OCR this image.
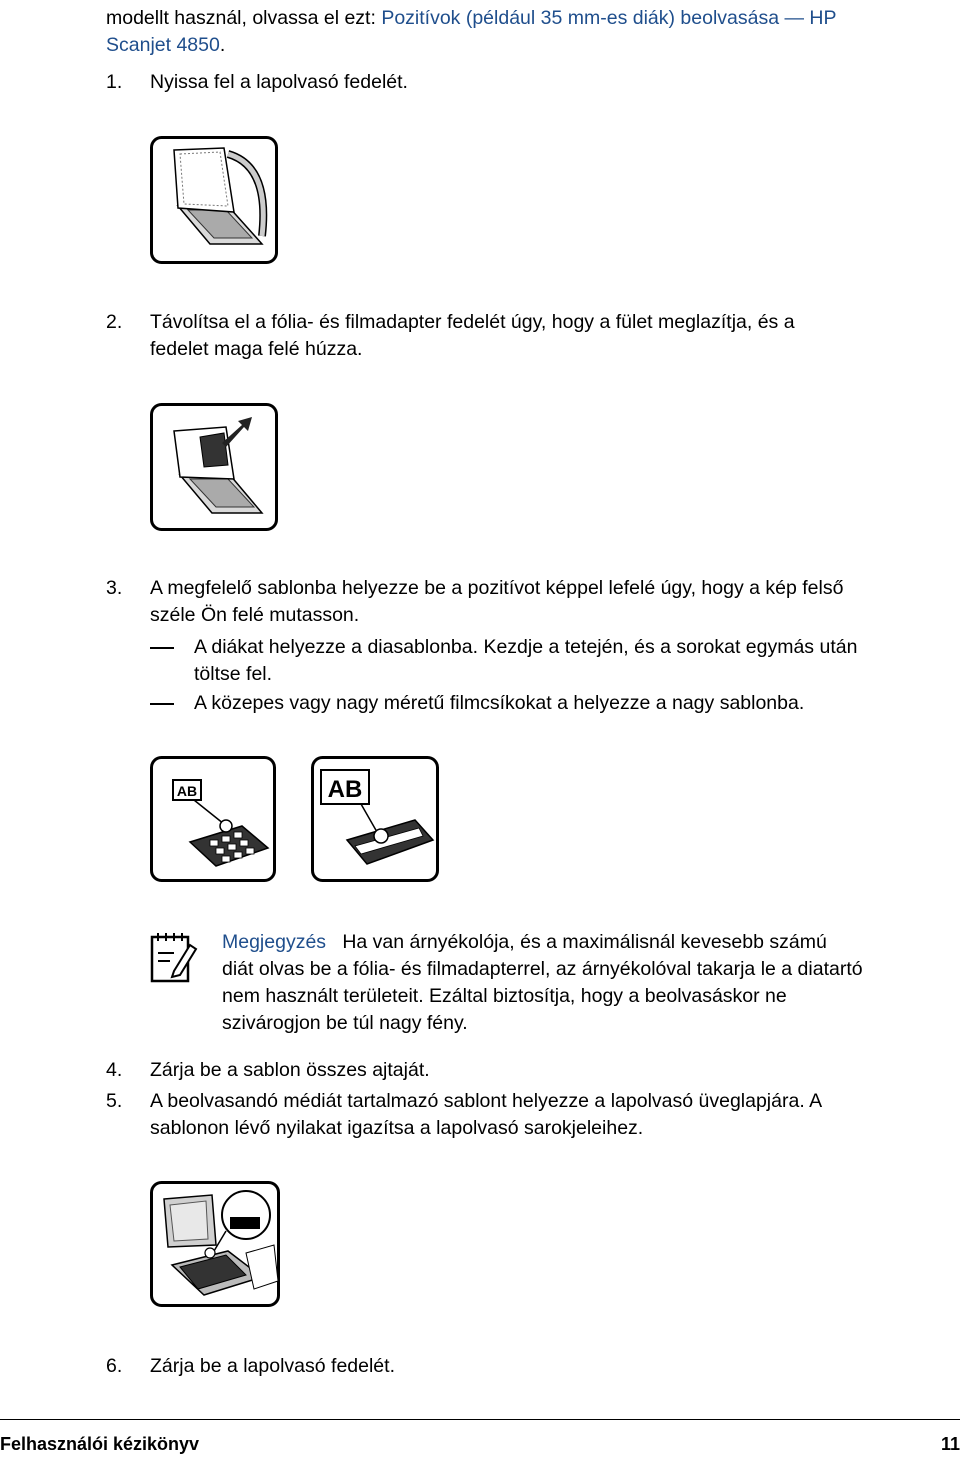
modellt használ, olvassa el ezt: Pozitívok (például 35 mm-es diák) beolvasása — HP
Scanjet 4850.
1. Nyissa fel a lapolvasó fedelét.
2. Távolítsa el a fólia- és filmadapter fedelét úgy, hogy a fület meglazítja, és a
fedelet maga felé húzza.
3. A megfelelő sablonba helyezze be a pozitívot képpel lefelé úgy, hogy a kép felső
széle Ön felé mutasson.
A diákat helyezze a diasablonba. Kezdje a tetején, és a sorokat egymás után
töltse fel.
A közepes vagy nagy méretű filmcsíkokat a helyezze a nagy sablonba.
AB	AB
Megjegyzés Ha van árnyékolója, és a maximálisnál kevesebb számú
diát olvas be a fólia- és filmadapterrel, az árnyékolóval takarja le a diatartó
nem használt területeit. Ezáltal biztosítja, hogy a beolvasáskor ne
szivárogjon be túl nagy fény.
4. Zárja be a sablon összes ajtaját.
5. A beolvasandó médiát tartalmazó sablont helyezze a lapolvasó üveglapjára. A
sablonon lévő nyilakat igazítsa a lapolvasó sarokjeleihez.
6. Zárja be a lapolvasó fedelét.
Felhasználói kézikönyv	11
